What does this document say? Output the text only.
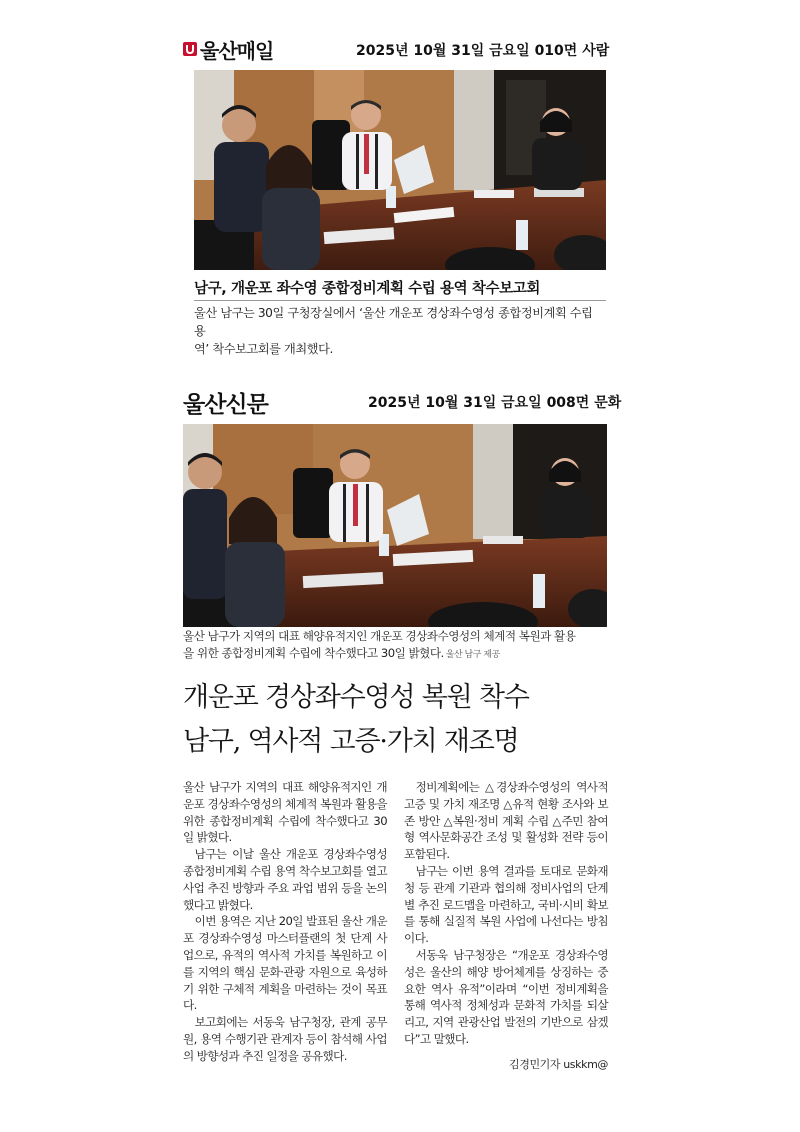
울산매일	2025년 10월 31일 금요일 010면 사람
남구, 개운포 좌수영 종합정비계획 수립 용역 착수보고회
울산 남구는 30일 구청장실에서 ‘울산 개운포 경상좌수영성 종합정비계획 수립 용
역’ 착수보고회를 개최했다.
울산신문	2025년 10월 31일 금요일 008면 문화
울산 남구가 지역의 대표 해양유적지인 개운포 경상좌수영성의 체계적 복원과 활용
을 위한 종합정비계획 수립에 착수했다고 30일 밝혔다. 울산 남구 제공
개운포 경상좌수영성 복원 착수
남구, 역사적 고증·가치 재조명

울산 남구가 지역의 대표 해양유적지인 개운포 경상좌수영성의 체계적 복원과 활용을 위한 종합정비계획 수립에 착수했다고 30일 밝혔다.

남구는 이날 울산 개운포 경상좌수영성 종합정비계획 수립 용역 착수보고회를 열고 사업 추진 방향과 주요 과업 범위 등을 논의했다고 밝혔다.

이번 용역은 지난 20일 발표된 울산 개운포 경상좌수영성 마스터플랜의 첫 단계 사업으로, 유적의 역사적 가치를 복원하고 이를 지역의 핵심 문화·관광 자원으로 육성하기 위한 구체적 계획을 마련하는 것이 목표다.

보고회에는 서동욱 남구청장, 관계 공무원, 용역 수행기관 관계자 등이 참석해 사업의 방향성과 추진 일정을 공유했다.

정비계획에는 △경상좌수영성의 역사적 고증 및 가치 재조명 △유적 현황 조사와 보존 방안 △복원·정비 계획 수립 △주민 참여형 역사문화공간 조성 및 활성화 전략 등이 포함된다.

남구는 이번 용역 결과를 토대로 문화재청 등 관계 기관과 협의해 정비사업의 단계별 추진 로드맵을 마련하고, 국비·시비 확보를 통해 실질적 복원 사업에 나선다는 방침이다.

서동욱 남구청장은 “개운포 경상좌수영성은 울산의 해양 방어체계를 상징하는 중요한 역사 유적”이라며 “이번 정비계획을 통해 역사적 정체성과 문화적 가치를 되살리고, 지역 관광산업 발전의 기반으로 삼겠다”고 말했다.

김경민기자 uskkm@
